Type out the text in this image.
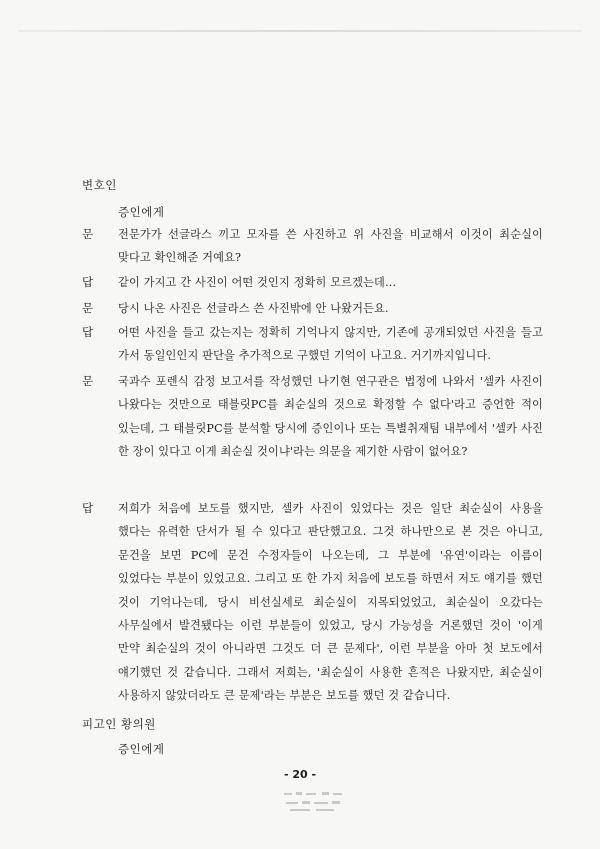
변호인
증인에게
문 전문가가 선글라스 끼고 모자를 쓴 사진하고 위 사진을 비교해서 이것이 최순실이 맞다고 확인해준 거예요?
답 같이 가지고 간 사진이 어떤 것인지 정확히 모르겠는데…
문 당시 나온 사진은 선글라스 쓴 사진밖에 안 나왔거든요.
답 어떤 사진을 들고 갔는지는 정확히 기억나지 않지만, 기존에 공개되었던 사진을 들고 가서 동일인인지 판단을 추가적으로 구했던 기억이 나고요. 거기까지입니다.
문 국과수 포렌식 감정 보고서를 작성했던 나기현 연구관은 법정에 나와서 '셀카 사진이 나왔다는 것만으로 태블릿PC를 최순실의 것으로 확정할 수 없다'라고 증언한 적이 있는데, 그 태블릿PC를 분석할 당시에 증인이나 또는 특별취재팀 내부에서 '셀카 사진 한 장이 있다고 이게 최순실 것이냐'라는 의문을 제기한 사람이 없어요?
답 저희가 처음에 보도를 했지만, 셀카 사진이 있었다는 것은 일단 최순실이 사용을 했다는 유력한 단서가 될 수 있다고 판단했고요. 그것 하나만으로 본 것은 아니고, 문건을 보면 PC에 문건 수정자들이 나오는데, 그 부분에 '유연'이라는 이름이 있었다는 부분이 있었고요. 그리고 또 한 가지 처음에 보도를 하면서 저도 얘기를 했던 것이 기억나는데, 당시 비선실세로 최순실이 지목되었었고, 최순실이 오갔다는 사무실에서 발견됐다는 이런 부분들이 있었고, 당시 가능성을 거론했던 것이 '이게 만약 최순실의 것이 아니라면 그것도 더 큰 문제다', 이런 부분을 아마 첫 보도에서 얘기했던 것 같습니다. 그래서 저희는, '최순실이 사용한 흔적은 나왔지만, 최순실이 사용하지 않았더라도 큰 문제'라는 부분은 보도를 했던 것 같습니다.
피고인 황의원
증인에게
- 20 -
